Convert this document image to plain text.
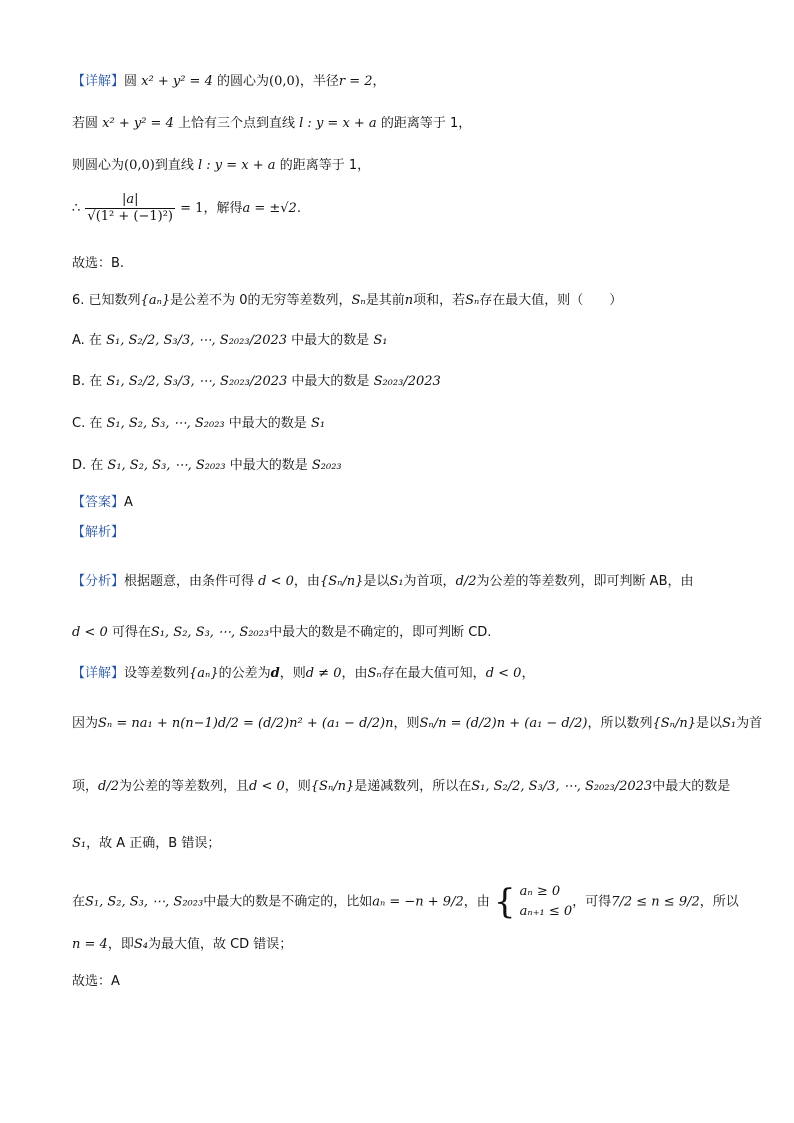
【详解】圆 x² + y² = 4 的圆心为(0,0)，半径r = 2，
若圆 x² + y² = 4 上恰有三个点到直线 l : y = x + a 的距离等于 1，
则圆心为(0,0)到直线 l : y = x + a 的距离等于 1，
∴ $\frac{|a|}{\text{√(1² + (−1)²)}} = 1$，解得a = ±√2.
故选：B.
6. 已知数列{aₙ}是公差不为 0的无穷等差数列，Sₙ是其前n项和，若Sₙ存在最大值，则（　　）
A. 在 S₁, S₂/2, S₃/3, ⋯, S₂₀₂₃/2023 中最大的数是 S₁
B. 在 S₁, S₂/2, S₃/3, ⋯, S₂₀₂₃/2023 中最大的数是 S₂₀₂₃/2023
C. 在 S₁, S₂, S₃, ⋯, S₂₀₂₃ 中最大的数是 S₁
D. 在 S₁, S₂, S₃, ⋯, S₂₀₂₃ 中最大的数是 S₂₀₂₃
【答案】A
【解析】
【分析】根据题意，由条件可得 d < 0，由{Sₙ/n}是以S₁为首项，d/2为公差的等差数列，即可判断 AB，由
d < 0 可得在S₁, S₂, S₃, ⋯, S₂₀₂₃中最大的数是不确定的，即可判断 CD.
【详解】设等差数列{aₙ}的公差为d，则d ≠ 0，由Sₙ存在最大值可知，d < 0，
因为Sₙ = na₁ + n(n−1)d/2 = (d/2)n² + (a₁ − d/2)n，则Sₙ/n = (d/2)n + (a₁ − d/2)，所以数列{Sₙ/n}是以S₁为首
项，d/2为公差的等差数列，且d < 0，则{Sₙ/n}是递减数列，所以在S₁, S₂/2, S₃/3, ⋯, S₂₀₂₃/2023中最大的数是
S₁，故 A 正确，B 错误；
在S₁, S₂, S₃, ⋯, S₂₀₂₃中最大的数是不确定的，比如aₙ = −n + 9/2，由 { aₙ ≥ 0
aₙ₊₁ ≤ 0
，可得7/2 ≤ n ≤ 9/2，所以
n = 4，即S₄为最大值，故 CD 错误；
故选：A
